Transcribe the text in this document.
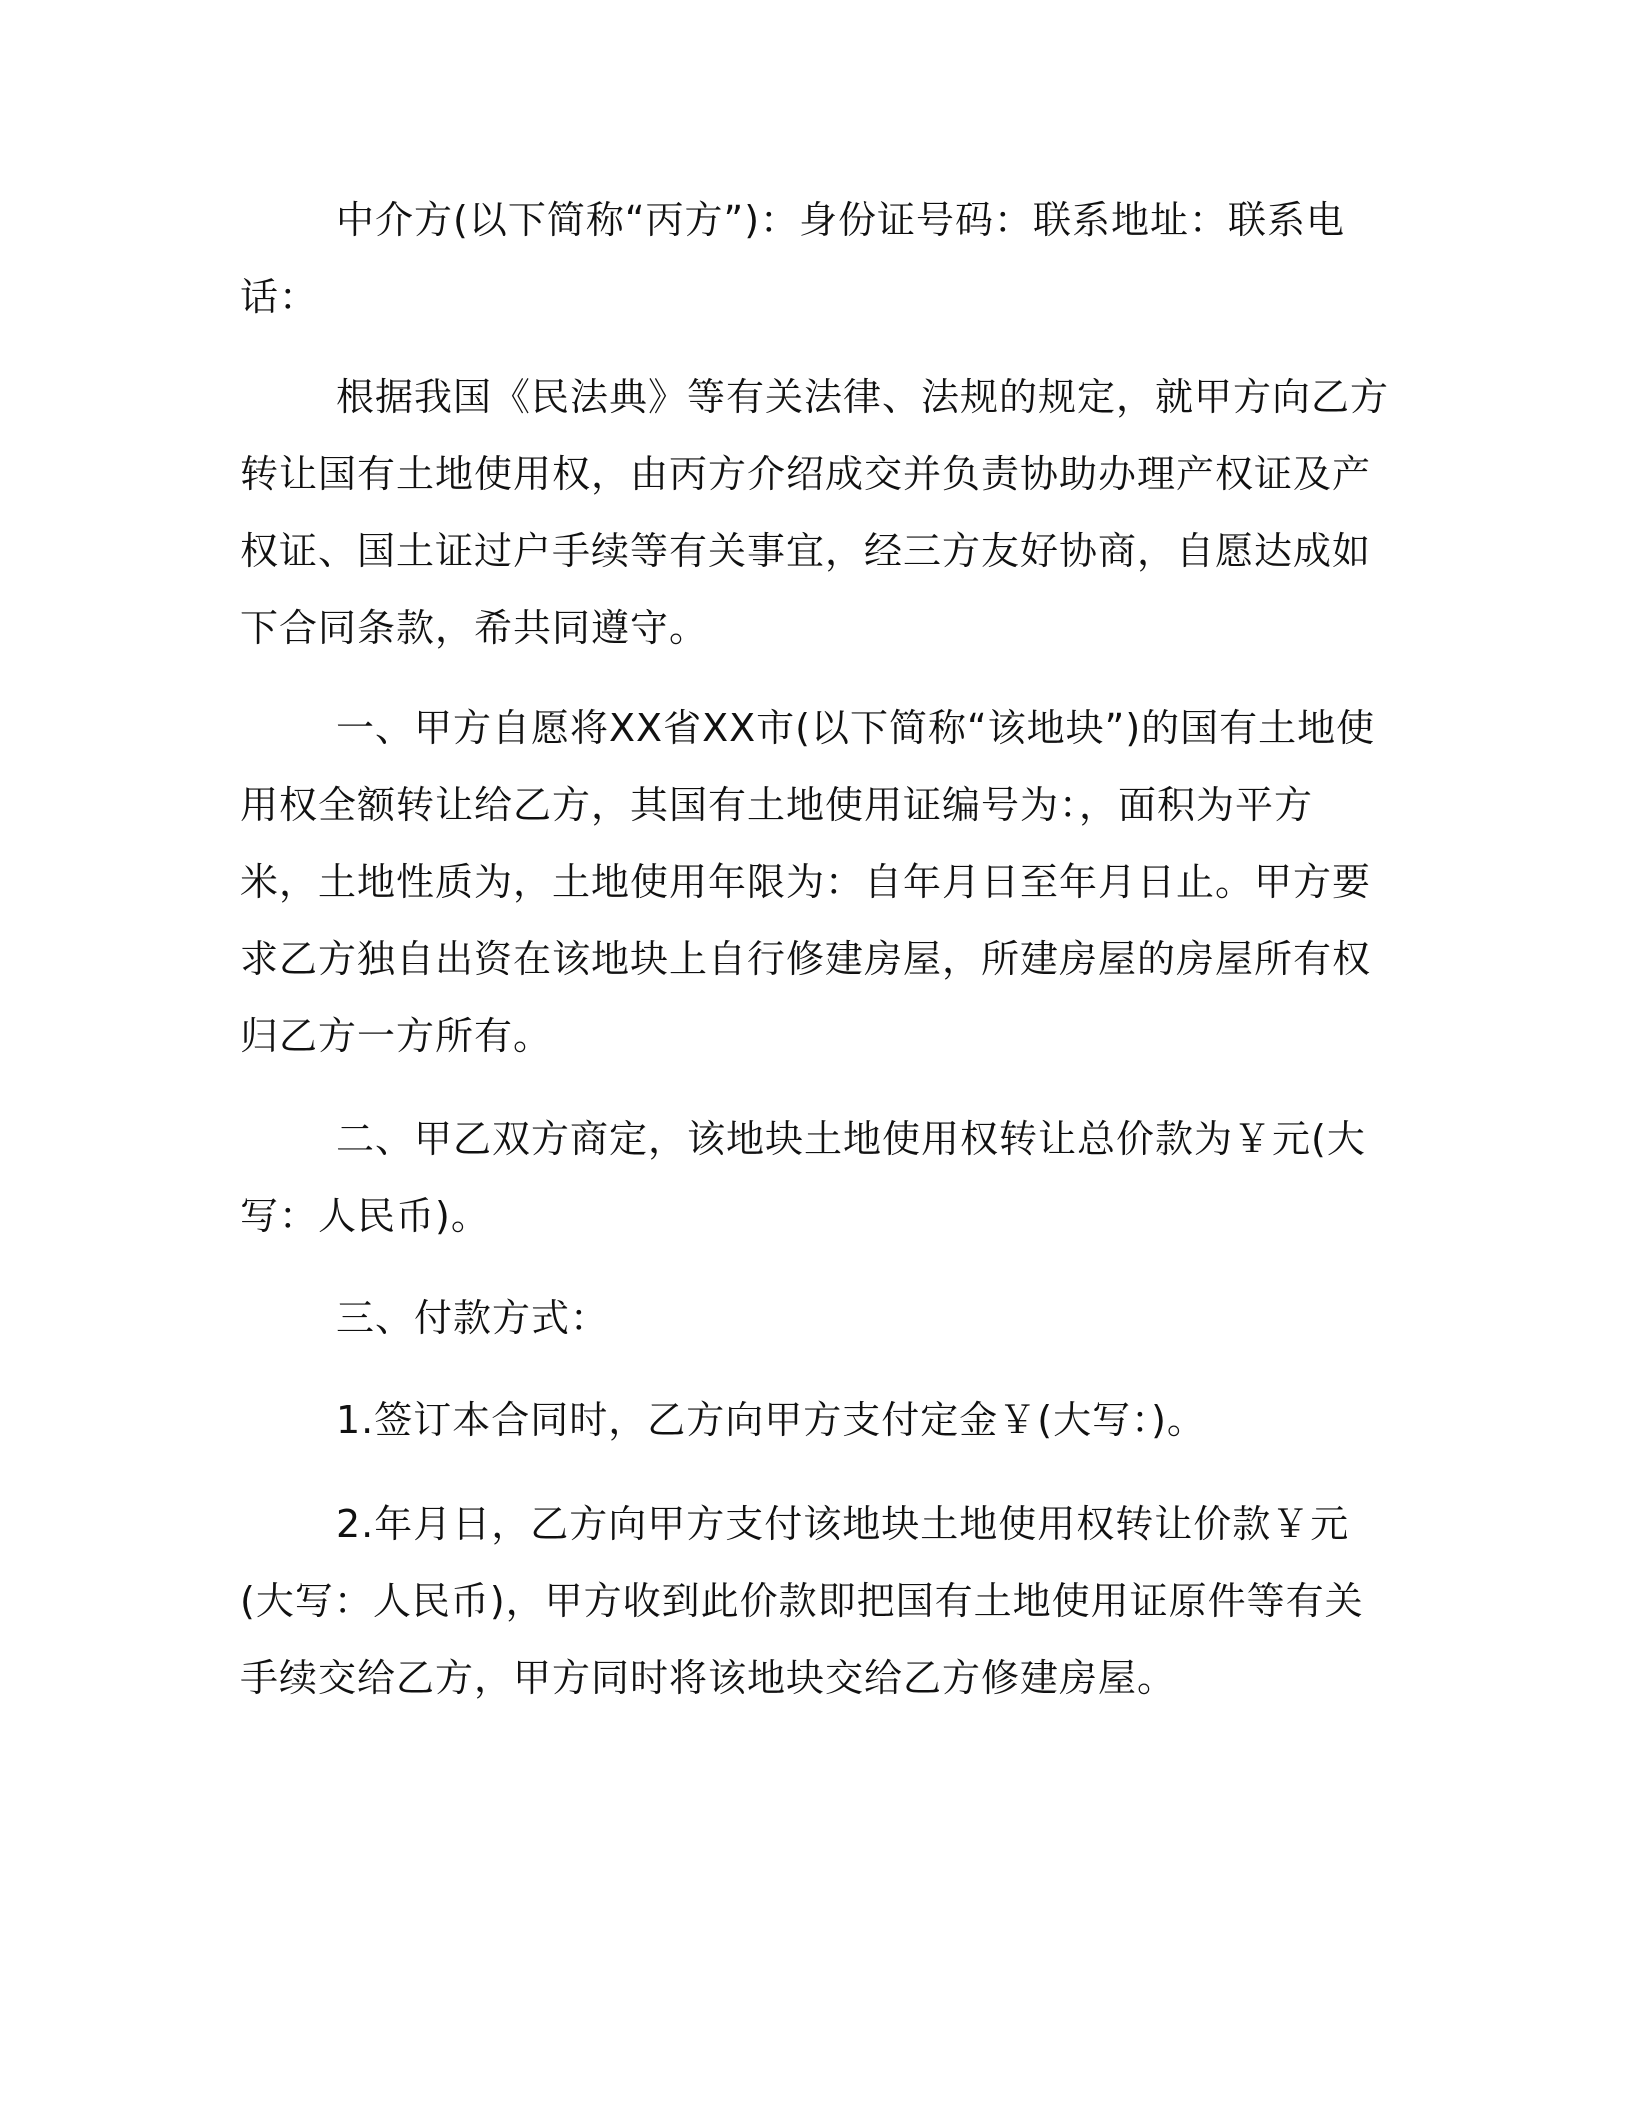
中介方(以下简称“丙方”)：身份证号码：联系地址：联系电话：

根据我国《民法典》等有关法律、法规的规定，就甲方向乙方转让国有土地使用权，由丙方介绍成交并负责协助办理产权证及产权证、国土证过户手续等有关事宜，经三方友好协商，自愿达成如下合同条款，希共同遵守。

一、甲方自愿将XX省XX市(以下简称“该地块”)的国有土地使用权全额转让给乙方，其国有土地使用证编号为：，面积为平方米，土地性质为，土地使用年限为：自年月日至年月日止。甲方要求乙方独自出资在该地块上自行修建房屋，所建房屋的房屋所有权归乙方一方所有。

二、甲乙双方商定，该地块土地使用权转让总价款为￥元(大写：人民币)。

三、付款方式：

1.签订本合同时，乙方向甲方支付定金￥(大写：)。

2.年月日，乙方向甲方支付该地块土地使用权转让价款￥元(大写：人民币)，甲方收到此价款即把国有土地使用证原件等有关手续交给乙方，甲方同时将该地块交给乙方修建房屋。
